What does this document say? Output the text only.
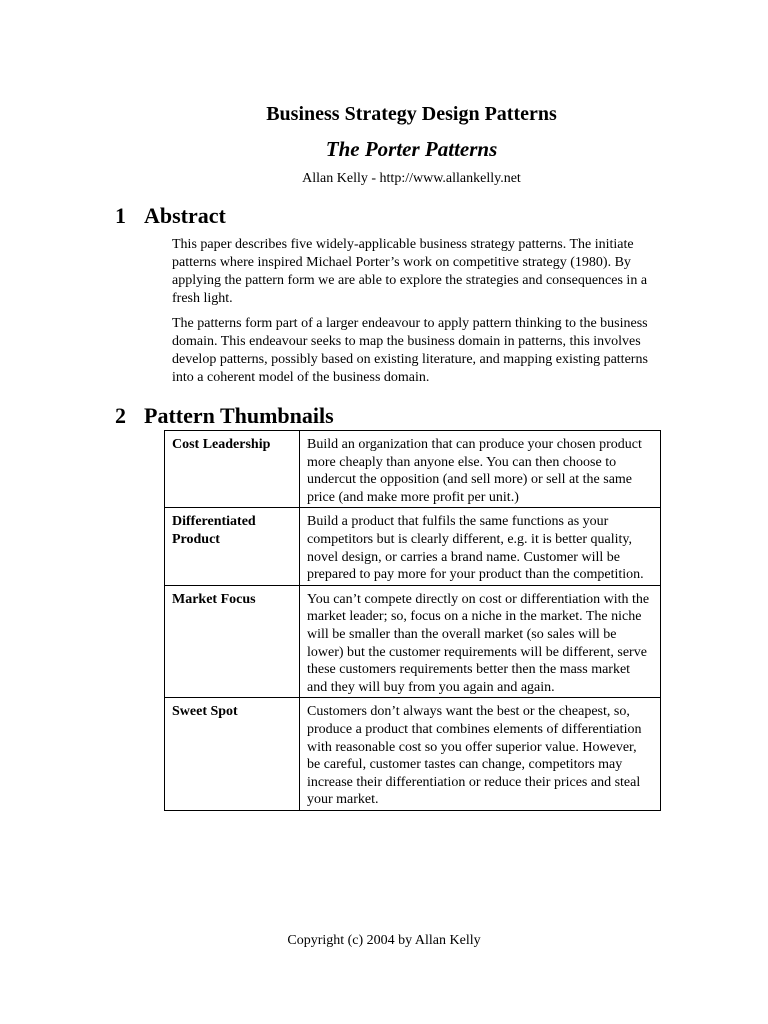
Business Strategy Design Patterns
The Porter Patterns
Allan Kelly - http://www.allankelly.net
1 Abstract

This paper describes five widely-applicable business strategy patterns. The initiate patterns where inspired Michael Porter’s work on competitive strategy (1980). By applying the pattern form we are able to explore the strategies and consequences in a fresh light.

The patterns form part of a larger endeavour to apply pattern thinking to the business domain. This endeavour seeks to map the business domain in patterns, this involves develop patterns, possibly based on existing literature, and mapping existing patterns into a coherent model of the business domain.

2 Pattern Thumbnails
Cost Leadership	Build an organization that can produce your chosen product more cheaply than anyone else. You can then choose to undercut the opposition (and sell more) or sell at the same price (and make more profit per unit.)
Differentiated Product	Build a product that fulfils the same functions as your competitors but is clearly different, e.g. it is better quality, novel design, or carries a brand name. Customer will be prepared to pay more for your product than the competition.
Market Focus	You can’t compete directly on cost or differentiation with the market leader; so, focus on a niche in the market. The niche will be smaller than the overall market (so sales will be lower) but the customer requirements will be different, serve these customers requirements better then the mass market and they will buy from you again and again.
Sweet Spot	Customers don’t always want the best or the cheapest, so, produce a product that combines elements of differentiation with reasonable cost so you offer superior value. However, be careful, customer tastes can change, competitors may increase their differentiation or reduce their prices and steal your market.
Copyright (c) 2004 by Allan Kelly
